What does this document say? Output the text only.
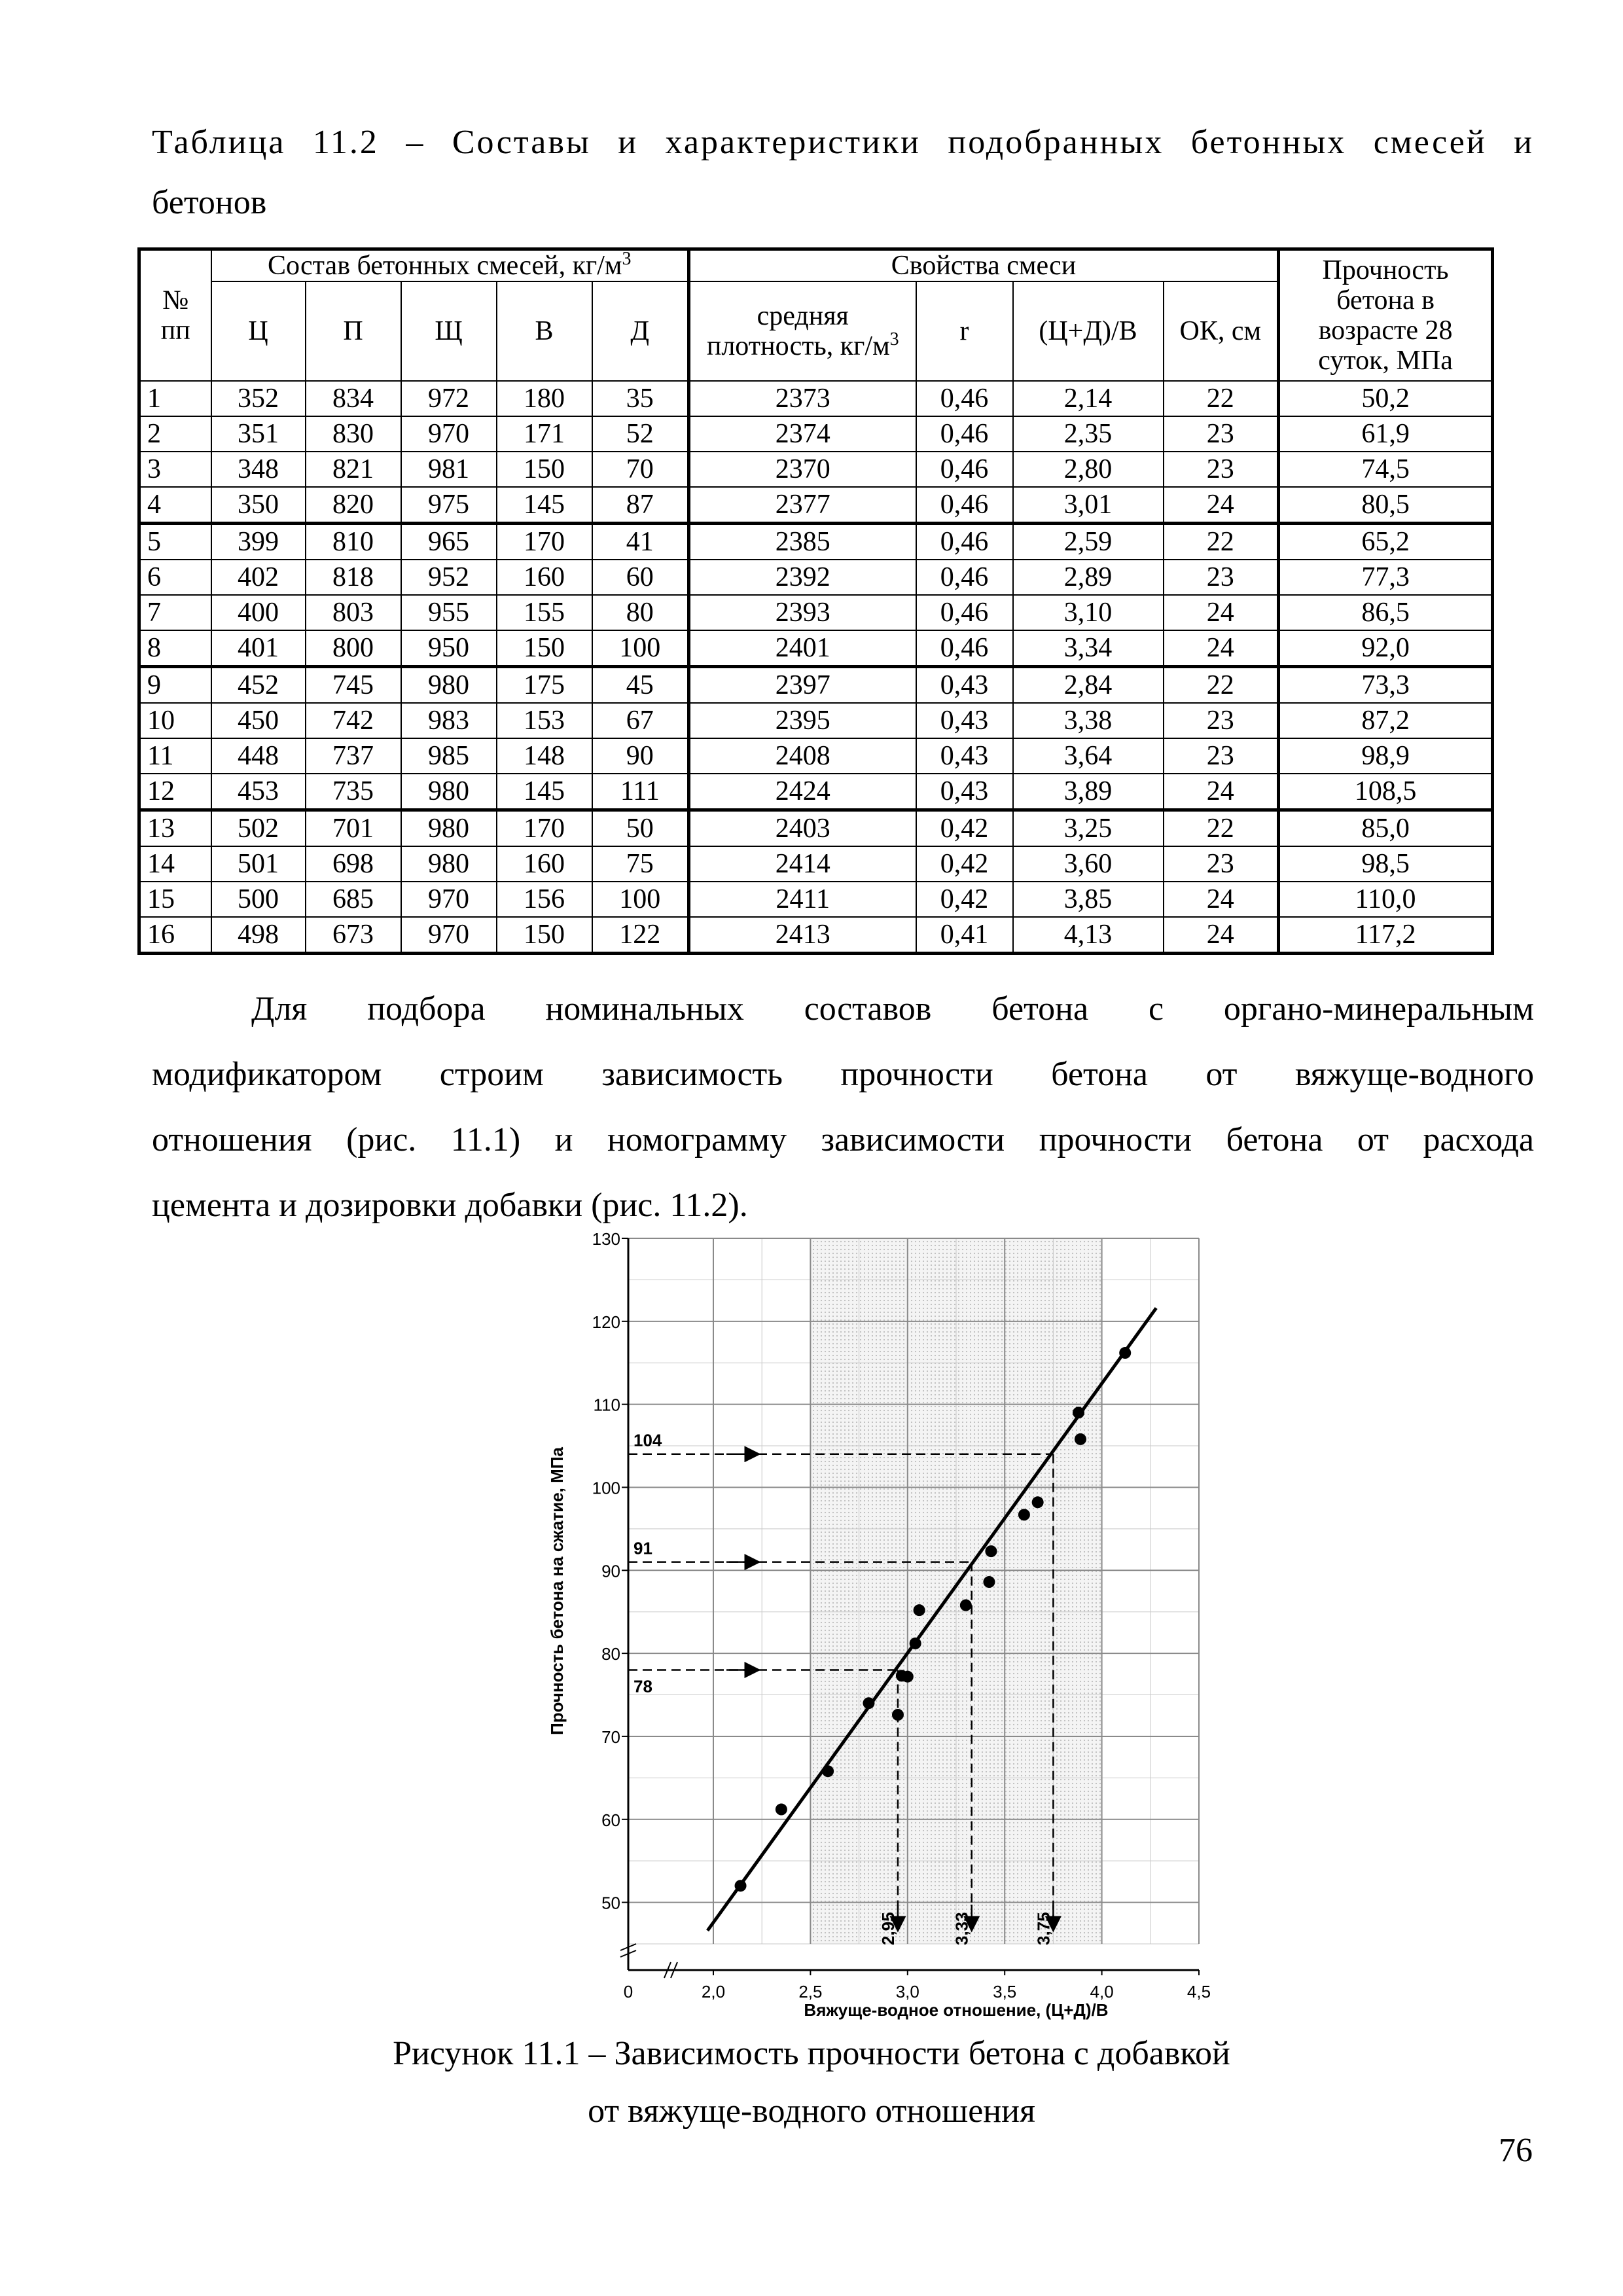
Таблица 11.2 – Составы и характеристики подобранных бетонных смесей и
бетонов
№ пп	Состав бетонных смесей, $кг/м^3$					Свойства смеси				Прочность бетона в возрасте 28 суток, МПа
	Ц	П	Щ	В	Д	средняя плотность, $кг/м^3$	r	(Ц+Д)/В	ОК, см	
1	352	834	972	180	35	2373	0,46	2,14	22	50,2
2	351	830	970	171	52	2374	0,46	2,35	23	61,9
3	348	821	981	150	70	2370	0,46	2,80	23	74,5
4	350	820	975	145	87	2377	0,46	3,01	24	80,5
5	399	810	965	170	41	2385	0,46	2,59	22	65,2
6	402	818	952	160	60	2392	0,46	2,89	23	77,3
7	400	803	955	155	80	2393	0,46	3,10	24	86,5
8	401	800	950	150	100	2401	0,46	3,34	24	92,0
9	452	745	980	175	45	2397	0,43	2,84	22	73,3
10	450	742	983	153	67	2395	0,43	3,38	23	87,2
11	448	737	985	148	90	2408	0,43	3,64	23	98,9
12	453	735	980	145	111	2424	0,43	3,89	24	108,5
13	502	701	980	170	50	2403	0,42	3,25	22	85,0
14	501	698	980	160	75	2414	0,42	3,60	23	98,5
15	500	685	970	156	100	2411	0,42	3,85	24	110,0
16	498	673	970	150	122	2413	0,41	4,13	24	117,2

Для подбора номинальных составов бетона с органо-минеральным

модификатором строим зависимость прочности бетона от вяжуще-водного

отношения (рис. 11.1) и номограмму зависимости прочности бетона от расхода

цемента и дозировки добавки (рис. 11.2).

50
60
70
80
90
100
110
120
130
0	2,0	2,5	3,0	3,5	4,0	4,5
Вяжуще-водное отношение, (Ц+Д)/В
Прочность бетона на сжатие, МПа	78
2,95
91
3,33
104
3,75
Рисунок 11.1 – Зависимость прочности бетона с добавкой
от вяжуще-водного отношения
76
